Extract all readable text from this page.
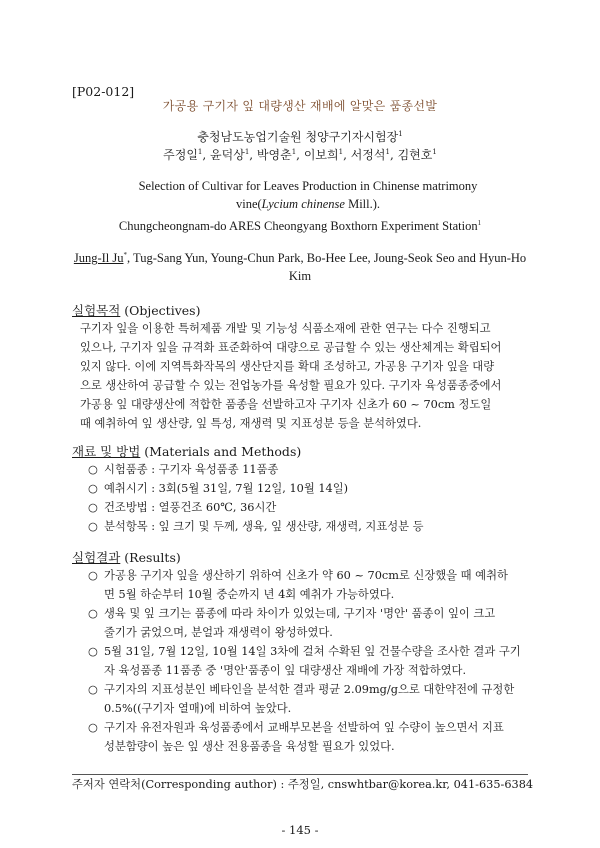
[P02-012]
가공용 구기자 잎 대량생산 재배에 알맞은 품종선발
충청남도농업기술원 청양구기자시험장$^1$
주정일$^1$, 윤덕상$^1$, 박영춘$^1$, 이보희$^1$, 서정석$^1$, 김현호$^1$
Selection of Cultivar for Leaves Production in Chinense matrimony
vine(Lycium chinense Mill.).
Chungcheongnam-do ARES Cheongyang Boxthorn Experiment Station$^1$
Jung-Il Ju*, Tug-Sang Yun, Young-Chun Park, Bo-Hee Lee, Joung-Seok Seo and Hyun-Ho Kim
실험목적 (Objectives)
구기자 잎을 이용한 특허제품 개발 및 기능성 식품소재에 관한 연구는 다수 진행되고
있으나, 구기자 잎을 규격화 표준화하여 대량으로 공급할 수 있는 생산체계는 확립되어
있지 않다. 이에 지역특화작목의 생산단지를 확대 조성하고, 가공용 구기자 잎을 대량
으로 생산하여 공급할 수 있는 전업농가를 육성할 필요가 있다. 구기자 육성품종중에서
가공용 잎 대량생산에 적합한 품종을 선발하고자 구기자 신초가 60 ~ 70cm 정도일
때 예취하여 잎 생산량, 잎 특성, 재생력 및 지표성분 등을 분석하였다.
재료 및 방법 (Materials and Methods)
○ 시험품종 : 구기자 육성품종 11품종
○ 예취시기 : 3회(5월 31일, 7월 12일, 10월 14일)
○ 건조방법 : 열풍건조 60℃, 36시간
○ 분석항목 : 잎 크기 및 두께, 생육, 잎 생산량, 재생력, 지표성분 등
실험결과 (Results)
○ 가공용 구기자 잎을 생산하기 위하여 신초가 약 60 ~ 70cm로 신장했을 때 예취하
면 5월 하순부터 10월 중순까지 년 4회 예취가 가능하였다.
○ 생육 및 잎 크기는 품종에 따라 차이가 있었는데, 구기자 '명안' 품종이 잎이 크고
줄기가 굵었으며, 분얼과 재생력이 왕성하였다.
○ 5월 31일, 7월 12일, 10월 14일 3차에 걸쳐 수확된 잎 건물수량을 조사한 결과 구기
자 육성품종 11품종 중 '명안'품종이 잎 대량생산 재배에 가장 적합하였다.
○ 구기자의 지표성분인 베타인을 분석한 결과 평균 2.09mg/g으로 대한약전에 규정한
0.5%((구기자 열매)에 비하여 높았다.
○ 구기자 유전자원과 육성품종에서 교배부모본을 선발하여 잎 수량이 높으면서 지표
성분함량이 높은 잎 생산 전용품종을 육성할 필요가 있었다.
주저자 연락처(Corresponding author) : 주정일, cnswhtbar@korea.kr, 041-635-6384
- 145 -
